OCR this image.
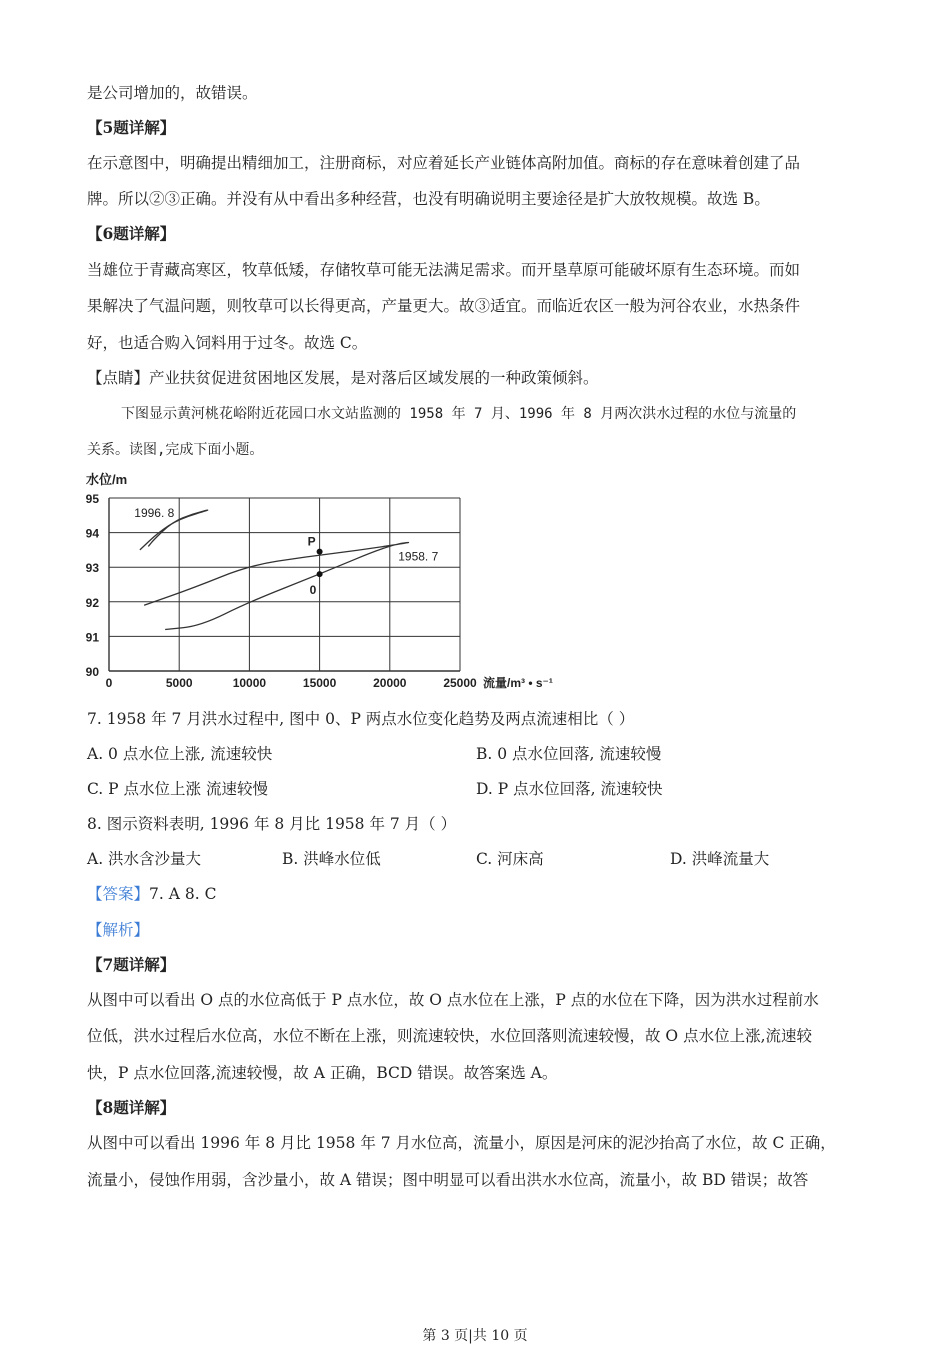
是公司增加的，故错误。
【5题详解】
在示意图中，明确提出精细加工，注册商标，对应着延长产业链体高附加值。商标的存在意味着创建了品
牌。所以②③正确。并没有从中看出多种经营，也没有明确说明主要途径是扩大放牧规模。故选 B。
【6题详解】
当雄位于青藏高寒区，牧草低矮，存储牧草可能无法满足需求。而开垦草原可能破坏原有生态环境。而如
果解决了气温问题，则牧草可以长得更高，产量更大。故③适宜。而临近农区一般为河谷农业，水热条件
好，也适合购入饲料用于过冬。故选 C。
【点睛】产业扶贫促进贫困地区发展，是对落后区域发展的一种政策倾斜。
下图显示黄河桃花峪附近花园口水文站监测的 1958 年 7 月、1996 年 8 月两次洪水过程的水位与流量的
关系。读图,完成下面小题。
0	5000	10000	15000	20000	25000
90
91
92
93
94
95
水位/m
流量/m³ • s⁻¹
1958. 7
1996. 8
P
0
7. 1958 年 7 月洪水过程中, 图中 0、P 两点水位变化趋势及两点流速相比（ ）
A. 0 点水位上涨, 流速较快	B. 0 点水位回落, 流速较慢
C. P 点水位上涨 流速较慢	D. P 点水位回落, 流速较快
8. 图示资料表明, 1996 年 8 月比 1958 年 7 月（ ）
A. 洪水含沙量大	B. 洪峰水位低	C. 河床高	D. 洪峰流量大
【答案】7. A 8. C
【解析】
【7题详解】
从图中可以看出 O 点的水位高低于 P 点水位，故 O 点水位在上涨，P 点的水位在下降，因为洪水过程前水
位低，洪水过程后水位高，水位不断在上涨，则流速较快，水位回落则流速较慢，故 O 点水位上涨,流速较
快，P 点水位回落,流速较慢，故 A 正确，BCD 错误。故答案选 A。
【8题详解】
从图中可以看出 1996 年 8 月比 1958 年 7 月水位高，流量小，原因是河床的泥沙抬高了水位，故 C 正确，
流量小，侵蚀作用弱，含沙量小，故 A 错误；图中明显可以看出洪水水位高，流量小，故 BD 错误；故答
第 3 页|共 10 页
